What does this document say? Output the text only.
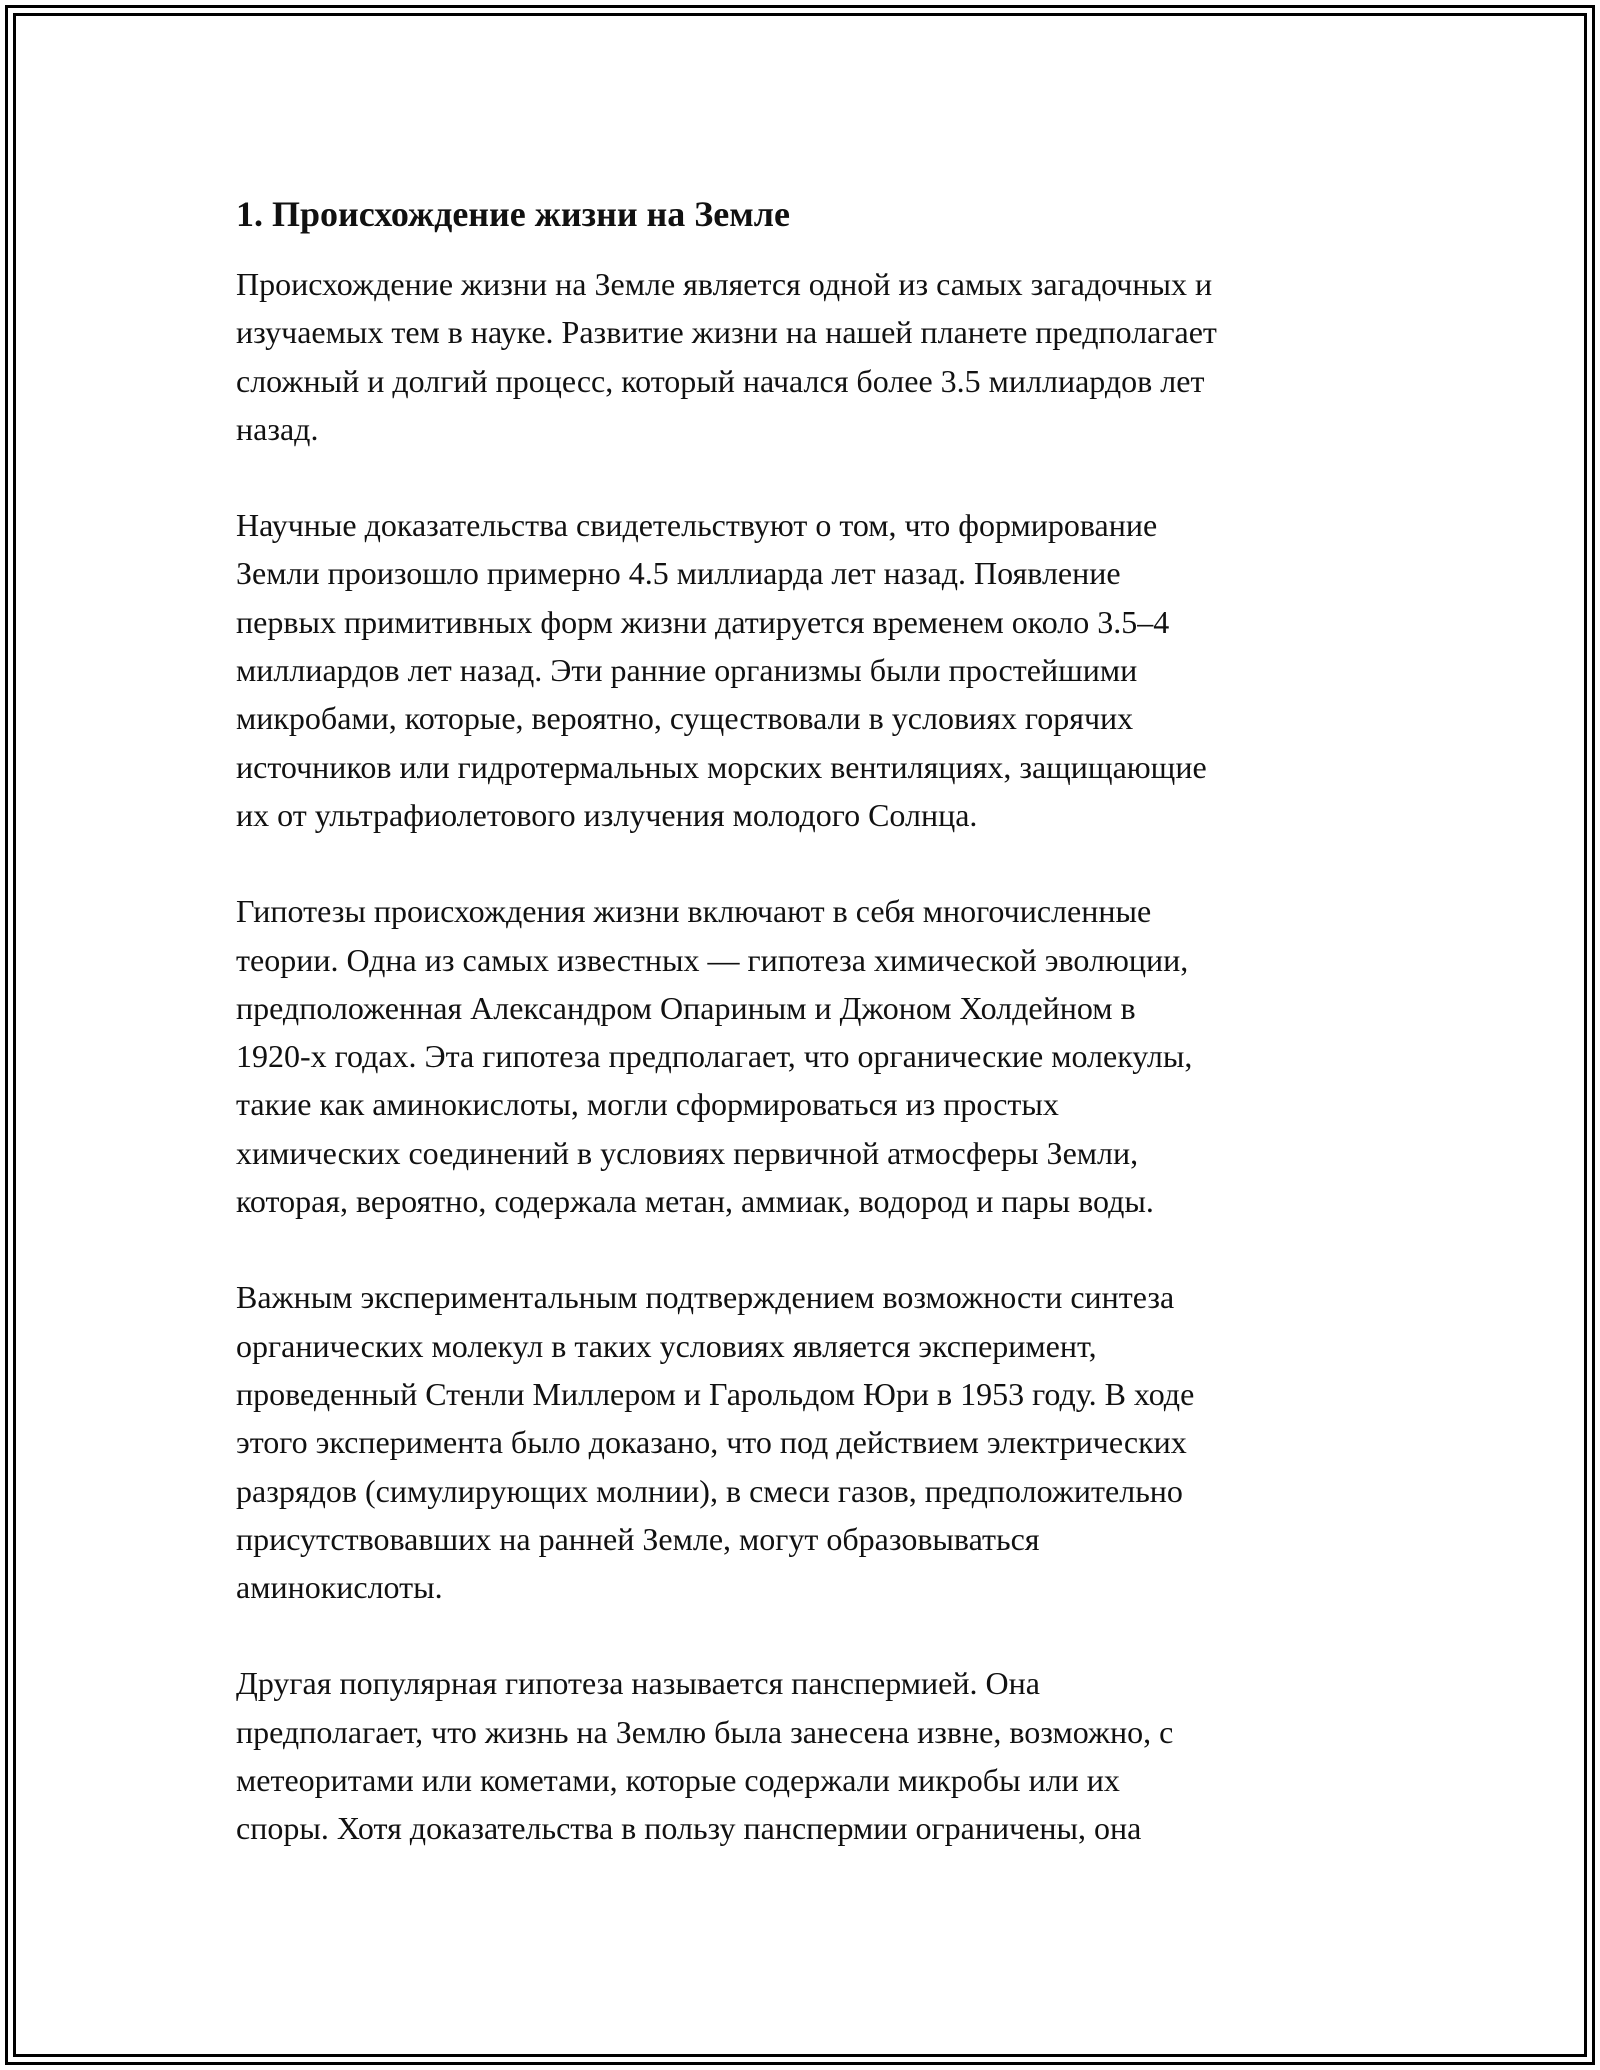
1. Происхождение жизни на Земле

Происхождение жизни на Земле является одной из самых загадочных и
изучаемых тем в науке. Развитие жизни на нашей планете предполагает
сложный и долгий процесс, который начался более 3.5 миллиардов лет
назад.

Научные доказательства свидетельствуют о том, что формирование
Земли произошло примерно 4.5 миллиарда лет назад. Появление
первых примитивных форм жизни датируется временем около 3.5–4
миллиардов лет назад. Эти ранние организмы были простейшими
микробами, которые, вероятно, существовали в условиях горячих
источников или гидротермальных морских вентиляциях, защищающие
их от ультрафиолетового излучения молодого Солнца.

Гипотезы происхождения жизни включают в себя многочисленные
теории. Одна из самых известных — гипотеза химической эволюции,
предположенная Александром Опариным и Джоном Холдейном в
1920-х годах. Эта гипотеза предполагает, что органические молекулы,
такие как аминокислоты, могли сформироваться из простых
химических соединений в условиях первичной атмосферы Земли,
которая, вероятно, содержала метан, аммиак, водород и пары воды.

Важным экспериментальным подтверждением возможности синтеза
органических молекул в таких условиях является эксперимент,
проведенный Стенли Миллером и Гарольдом Юри в 1953 году. В ходе
этого эксперимента было доказано, что под действием электрических
разрядов (симулирующих молнии), в смеси газов, предположительно
присутствовавших на ранней Земле, могут образовываться
аминокислоты.

Другая популярная гипотеза называется панспермией. Она
предполагает, что жизнь на Землю была занесена извне, возможно, с
метеоритами или кометами, которые содержали микробы или их
споры. Хотя доказательства в пользу панспермии ограничены, она
